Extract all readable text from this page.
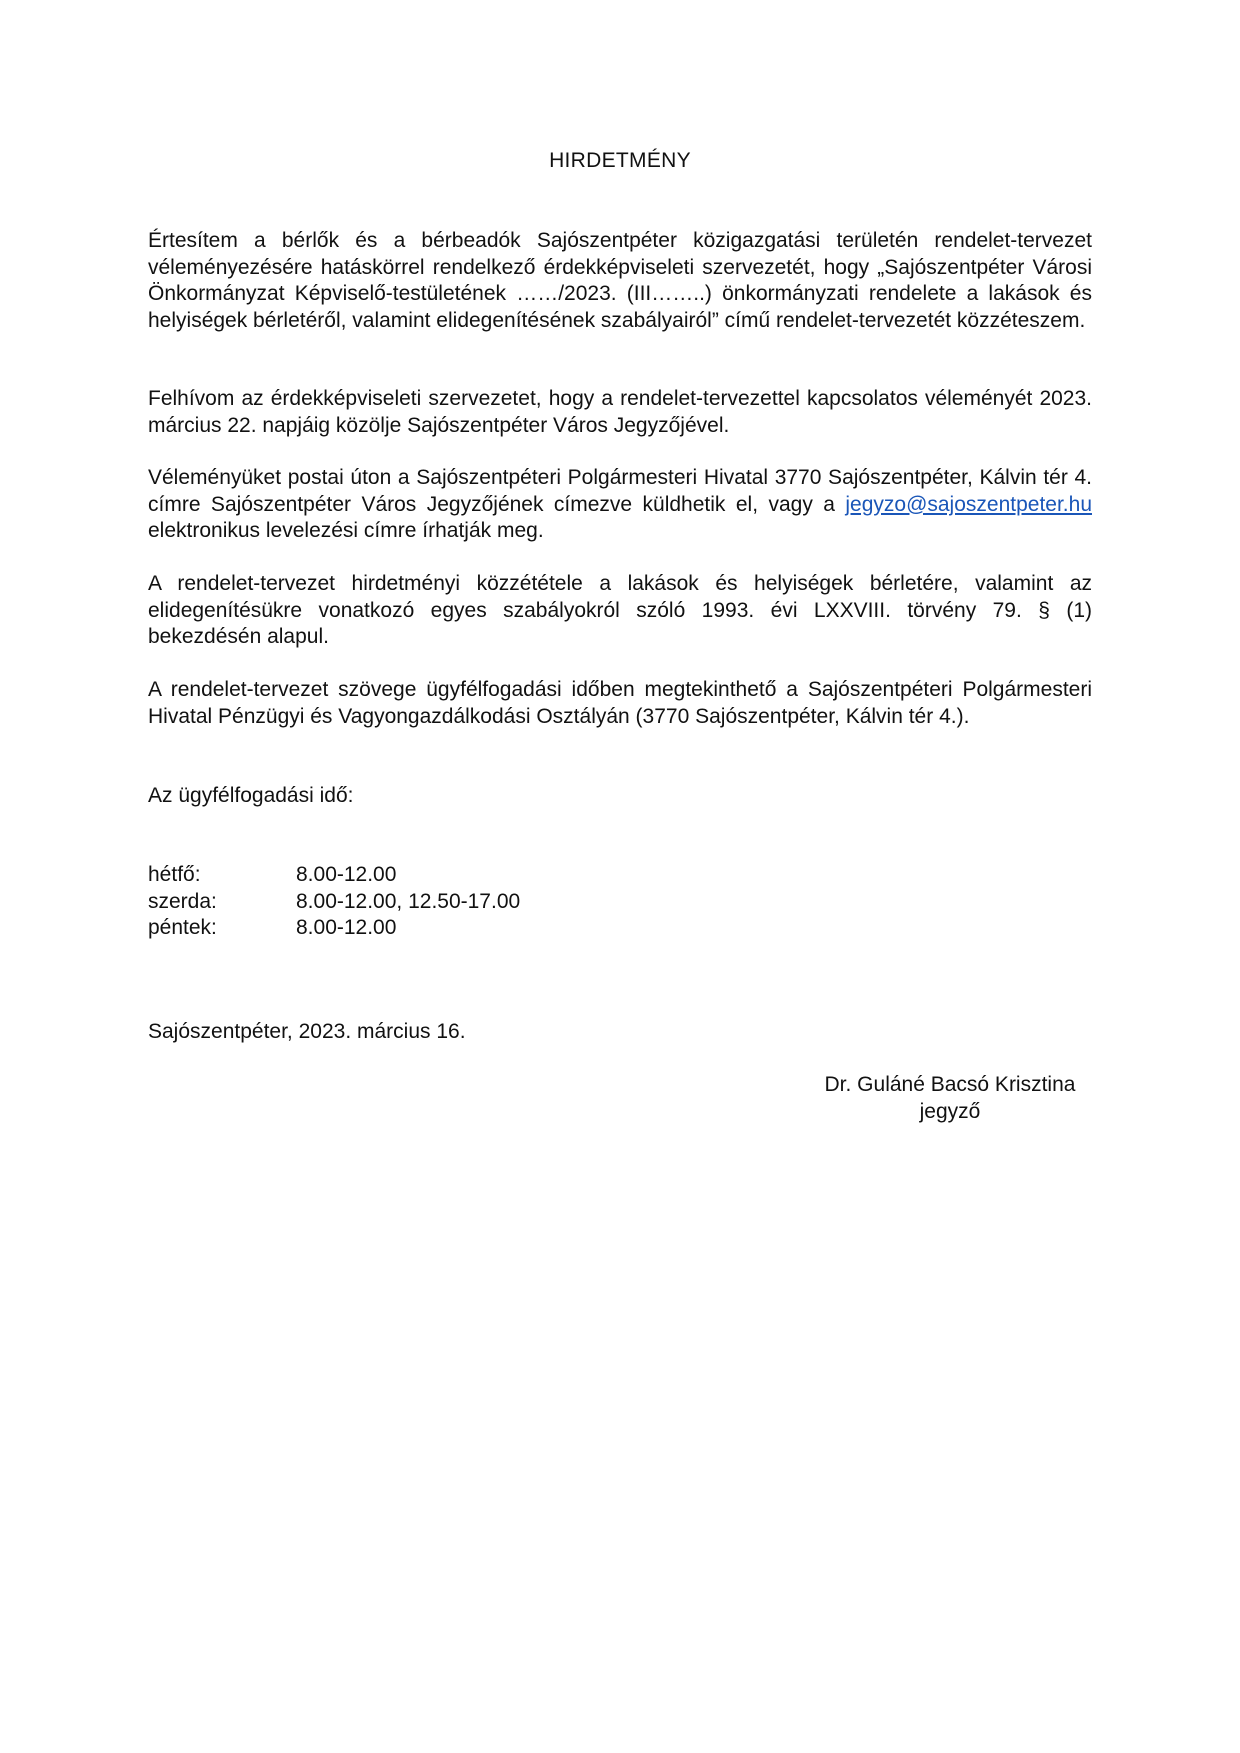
HIRDETMÉNY

Értesítem a bérlők és a bérbeadók Sajószentpéter közigazgatási területén rendelet-tervezet véleményezésére hatáskörrel rendelkező érdekképviseleti szervezetét, hogy „Sajószentpéter Városi Önkormányzat Képviselő-testületének ……/2023. (III……..) önkormányzati rendelete a lakások és helyiségek bérletéről, valamint elidegenítésének szabályairól” című rendelet-tervezetét közzéteszem.

Felhívom az érdekképviseleti szervezetet, hogy a rendelet-tervezettel kapcsolatos véleményét 2023. március 22. napjáig közölje Sajószentpéter Város Jegyzőjével.

Véleményüket postai úton a Sajószentpéteri Polgármesteri Hivatal 3770 Sajószentpéter, Kálvin tér 4. címre Sajószentpéter Város Jegyzőjének címezve küldhetik el, vagy a jegyzo@sajoszentpeter.hu elektronikus levelezési címre írhatják meg.

A rendelet-tervezet hirdetményi közzététele a lakások és helyiségek bérletére, valamint az elidegenítésükre vonatkozó egyes szabályokról szóló 1993. évi LXXVIII. törvény 79. § (1) bekezdésén alapul.

A rendelet-tervezet szövege ügyfélfogadási időben megtekinthető a Sajószentpéteri Polgármesteri Hivatal Pénzügyi és Vagyongazdálkodási Osztályán (3770 Sajószentpéter, Kálvin tér 4.).

Az ügyfélfogadási idő:

hétfő:	8.00-12.00
szerda:	8.00-12.00, 12.50-17.00
péntek:	8.00-12.00
Sajószentpéter, 2023. március 16.
Dr. Guláné Bacsó Krisztina
jegyző
